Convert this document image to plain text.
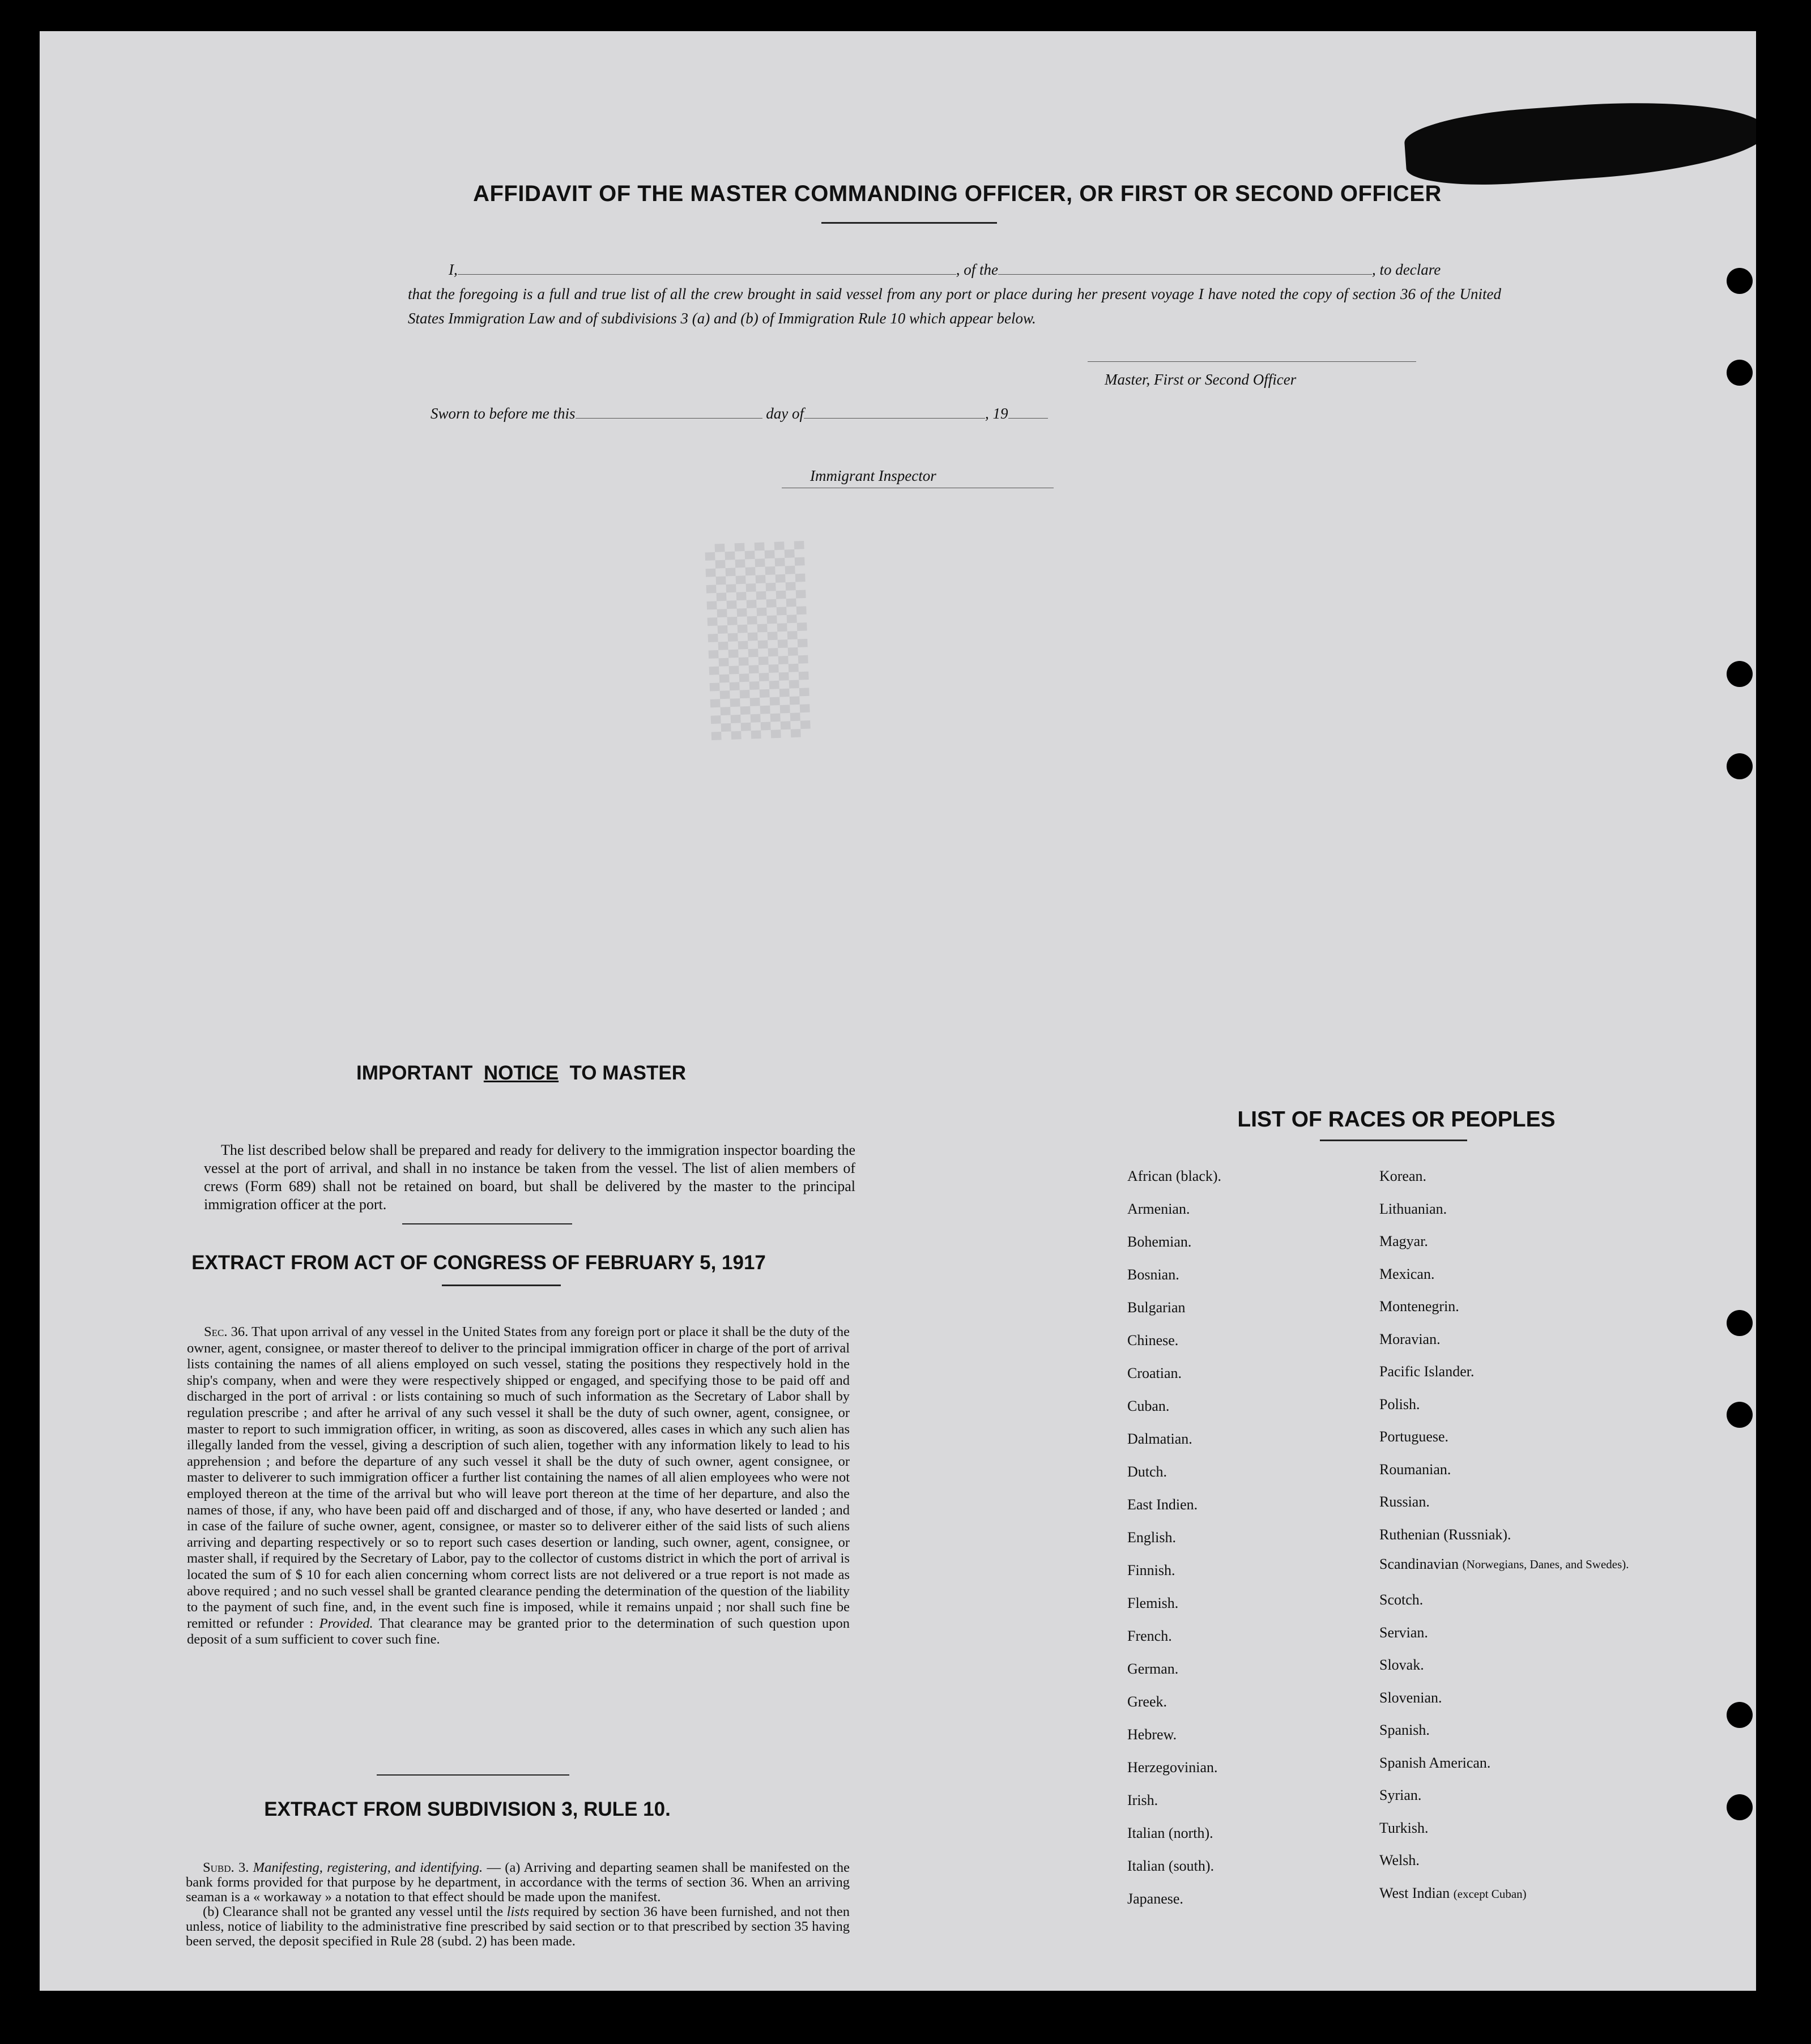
▒▒▒
AFFIDAVIT OF THE MASTER COMMANDING OFFICER, OR FIRST OR SECOND OFFICER
I,	, of the	, to declare
that the foregoing is a full and true list of all the crew brought in said vessel from any port or place during her present voyage I have noted the copy of section 36 of the United States Immigration Law and of subdivisions 3 (a) and (b) of Immigration Rule 10 which appear below.
Master, First or Second Officer
Sworn to before me this	day of	, 19
Immigrant Inspector
IMPORTANT NOTICE TO MASTER
The list described below shall be prepared and ready for delivery to the immigration inspector boarding the vessel at the port of arrival, and shall in no instance be taken from the vessel. The list of alien members of crews (Form 689) shall not be retained on board, but shall be delivered by the master to the principal immigration officer at the port.
EXTRACT FROM ACT OF CONGRESS OF FEBRUARY 5, 1917
Sec. 36. That upon arrival of any vessel in the United States from any foreign port or place it shall be the duty of the owner, agent, consignee, or master thereof to deliver to the principal immigration officer in charge of the port of arrival lists containing the names of all aliens employed on such vessel, stating the positions they respectively hold in the ship's company, when and were they were respectively shipped or engaged, and specifying those to be paid off and discharged in the port of arrival : or lists containing so much of such information as the Secretary of Labor shall by regulation prescribe ; and after he arrival of any such vessel it shall be the duty of such owner, agent, consignee, or master to report to such immigration officer, in writing, as soon as discovered, alles cases in which any such alien has illegally landed from the vessel, giving a description of such alien, together with any information likely to lead to his apprehension ; and before the departure of any such vessel it shall be the duty of such owner, agent consignee, or master to deliverer to such immigration officer a further list containing the names of all alien employees who were not employed thereon at the time of the arrival but who will leave port thereon at the time of her departure, and also the names of those, if any, who have been paid off and discharged and of those, if any, who have deserted or landed ; and in case of the failure of suche owner, agent, consignee, or master so to deliverer either of the said lists of such aliens arriving and departing respectively or so to report such cases desertion or landing, such owner, agent, consignee, or master shall, if required by the Secretary of Labor, pay to the collector of customs district in which the port of arrival is located the sum of $ 10 for each alien concerning whom correct lists are not delivered or a true report is not made as above required ; and no such vessel shall be granted clearance pending the determination of the question of the liability to the payment of such fine, and, in the event such fine is imposed, while it remains unpaid ; nor shall such fine be remitted or refunder : Provided. That clearance may be granted prior to the determination of such question upon deposit of a sum sufficient to cover such fine.
EXTRACT FROM SUBDIVISION 3, RULE 10.
Subd. 3. Manifesting, registering, and identifying. — (a) Arriving and departing seamen shall be manifested on the bank forms provided for that purpose by he department, in accordance with the terms of section 36. When an arriving seaman is a « workaway » a notation to that effect should be made upon the manifest.
(b) Clearance shall not be granted any vessel until the lists required by section 36 have been furnished, and not then unless, notice of liability to the administrative fine prescribed by said section or to that prescribed by section 35 having been served, the deposit specified in Rule 28 (subd. 2) has been made.
LIST OF RACES OR PEOPLES
African (black).
Armenian.
Bohemian.
Bosnian.
Bulgarian
Chinese.
Croatian.
Cuban.
Dalmatian.
Dutch.
East Indien.
English.
Finnish.
Flemish.
French.
German.
Greek.
Hebrew.
Herzegovinian.
Irish.
Italian (north).
Italian (south).
Japanese.
Korean.
Lithuanian.
Magyar.
Mexican.
Montenegrin.
Moravian.
Pacific Islander.
Polish.
Portuguese.
Roumanian.
Russian.
Ruthenian (Russniak).
Scandinavian (Norwegians, Danes, and Swedes).
Scotch.
Servian.
Slovak.
Slovenian.
Spanish.
Spanish American.
Syrian.
Turkish.
Welsh.
West Indian (except Cuban)
